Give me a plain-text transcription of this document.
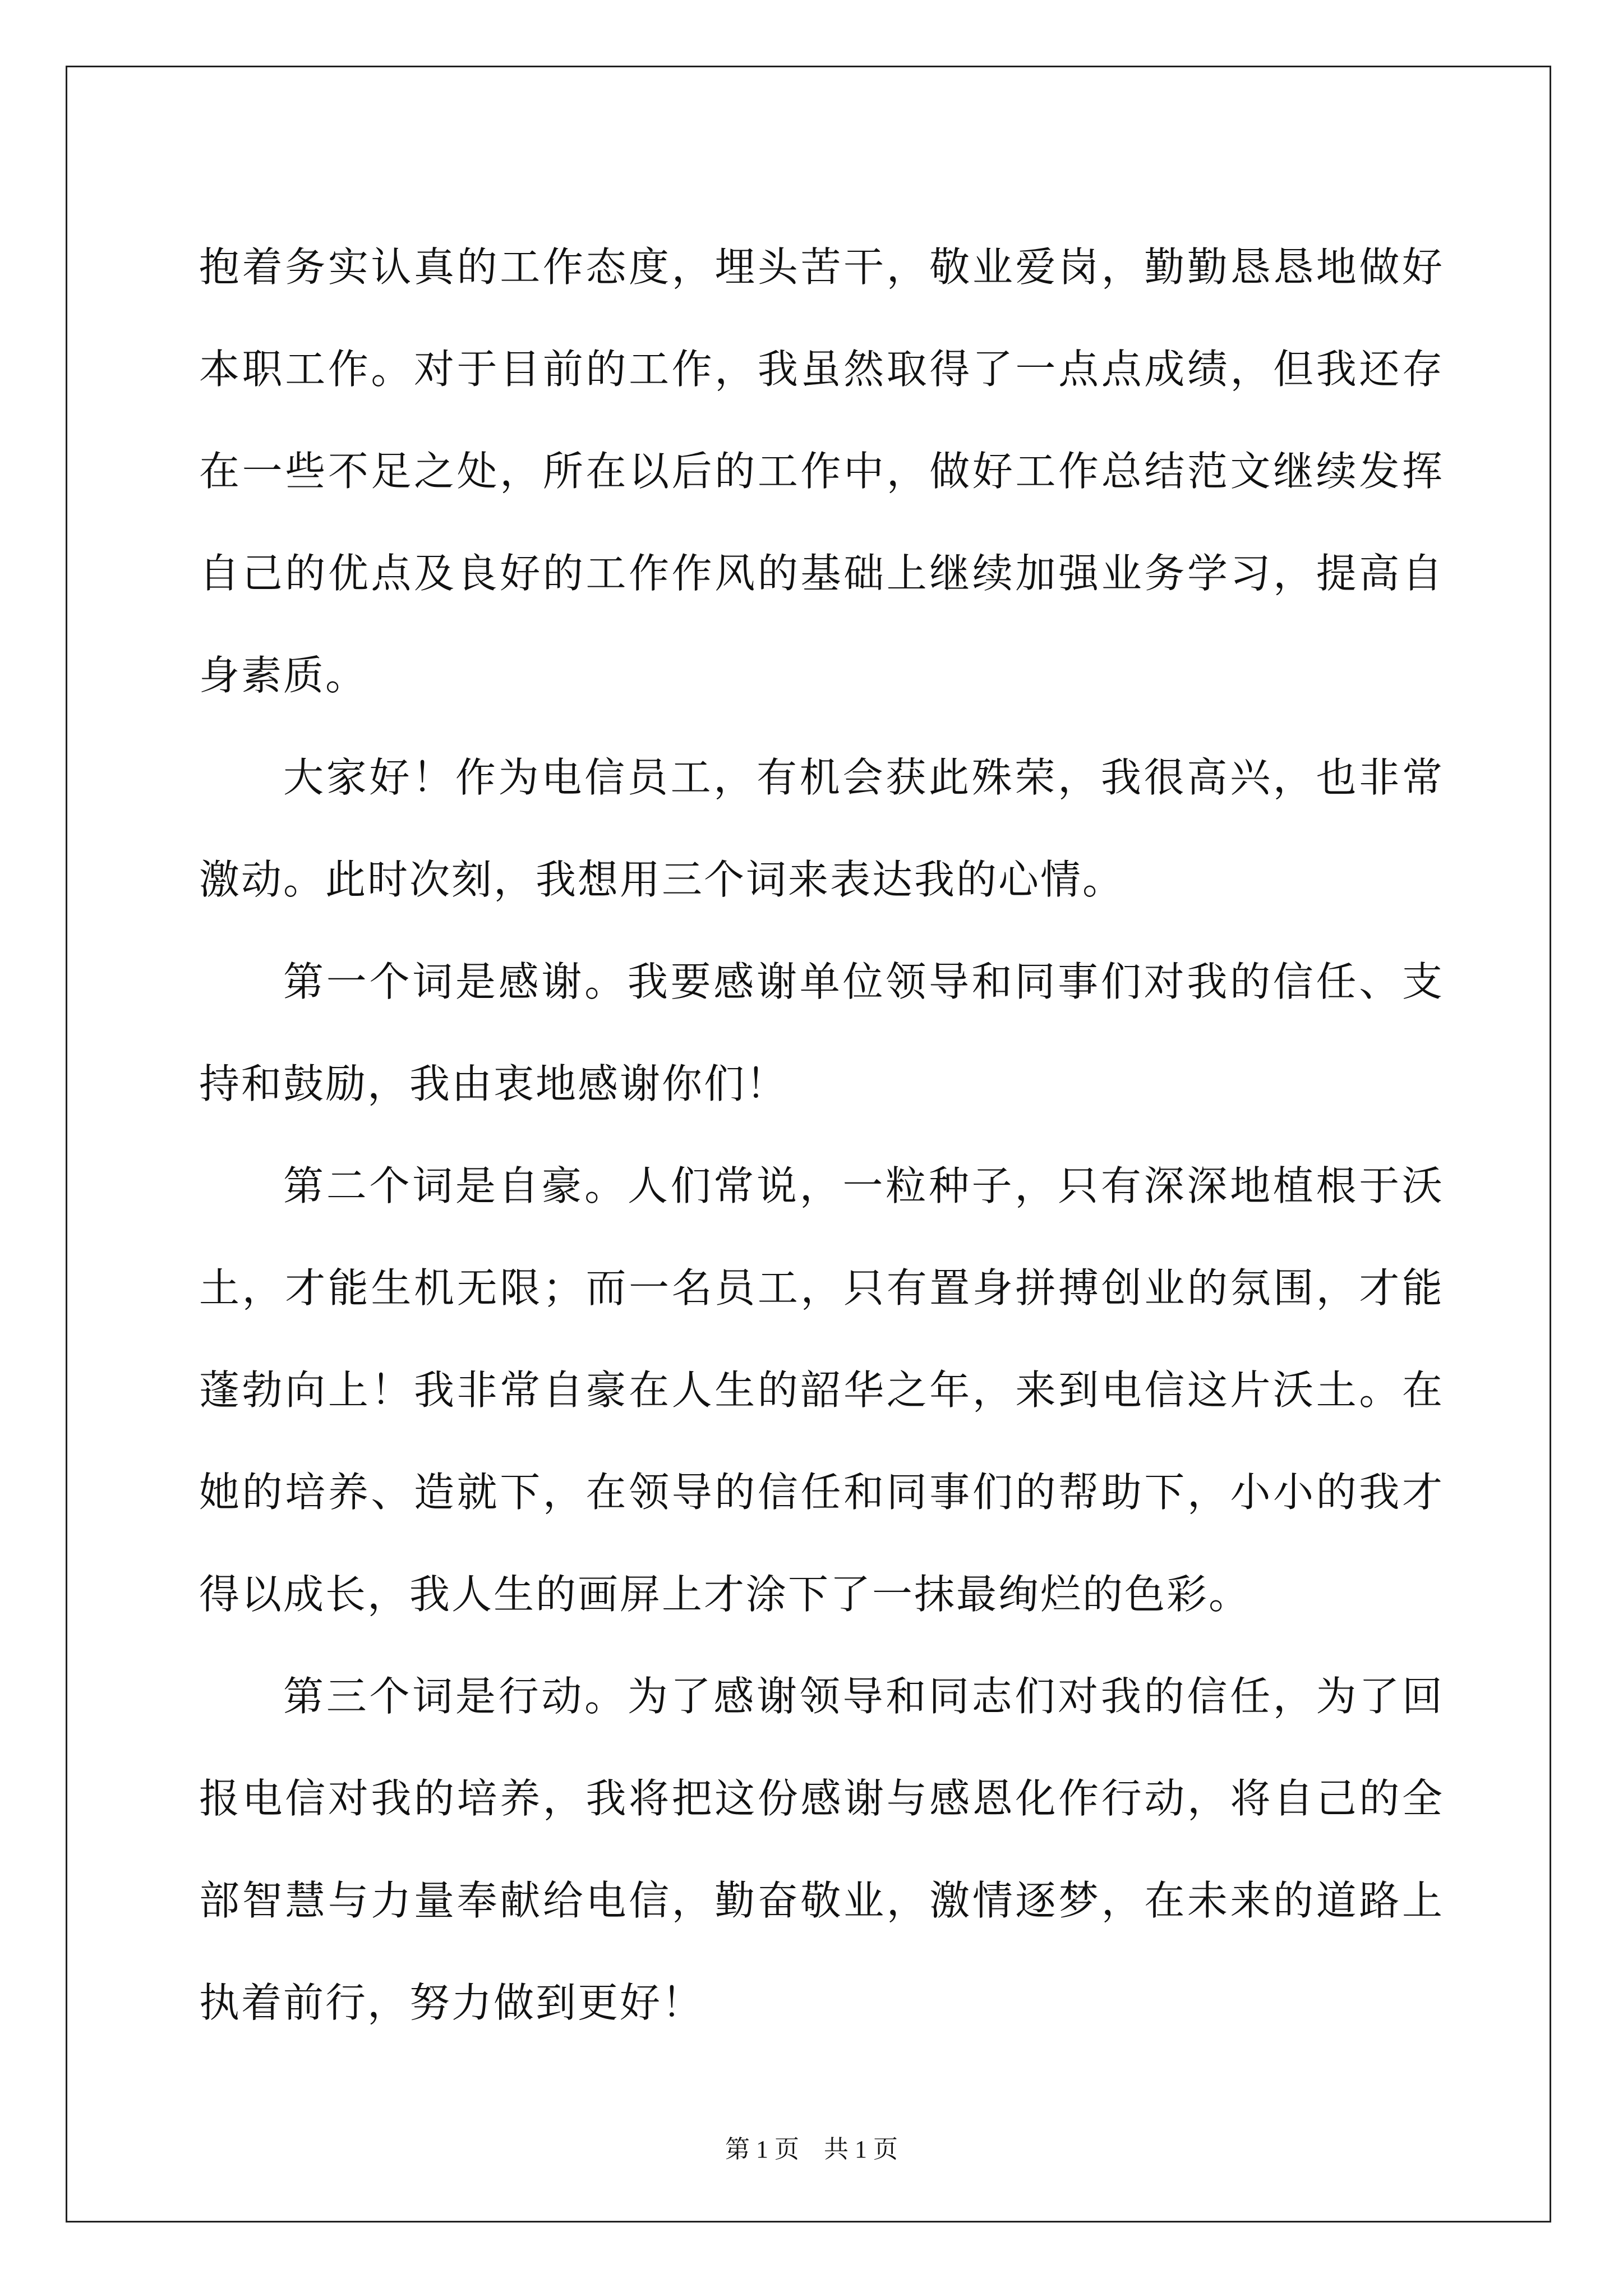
抱着务实认真的工作态度，埋头苦干，敬业爱岗，勤勤恳恳地做好本职工作。对于目前的工作，我虽然取得了一点点成绩，但我还存在一些不足之处，所在以后的工作中，做好工作总结范文继续发挥自己的优点及良好的工作作风的基础上继续加强业务学习，提高自身素质。

大家好！作为电信员工，有机会获此殊荣，我很高兴，也非常激动。此时次刻，我想用三个词来表达我的心情。

第一个词是感谢。我要感谢单位领导和同事们对我的信任、支持和鼓励，我由衷地感谢你们！

第二个词是自豪。人们常说，一粒种子，只有深深地植根于沃土，才能生机无限；而一名员工，只有置身拼搏创业的氛围，才能蓬勃向上！我非常自豪在人生的韶华之年，来到电信这片沃土。在她的培养、造就下，在领导的信任和同事们的帮助下，小小的我才得以成长，我人生的画屏上才涂下了一抹最绚烂的色彩。

第三个词是行动。为了感谢领导和同志们对我的信任，为了回报电信对我的培养，我将把这份感谢与感恩化作行动，将自己的全部智慧与力量奉献给电信，勤奋敬业，激情逐梦，在未来的道路上执着前行，努力做到更好！

第 1 页　共 1 页
